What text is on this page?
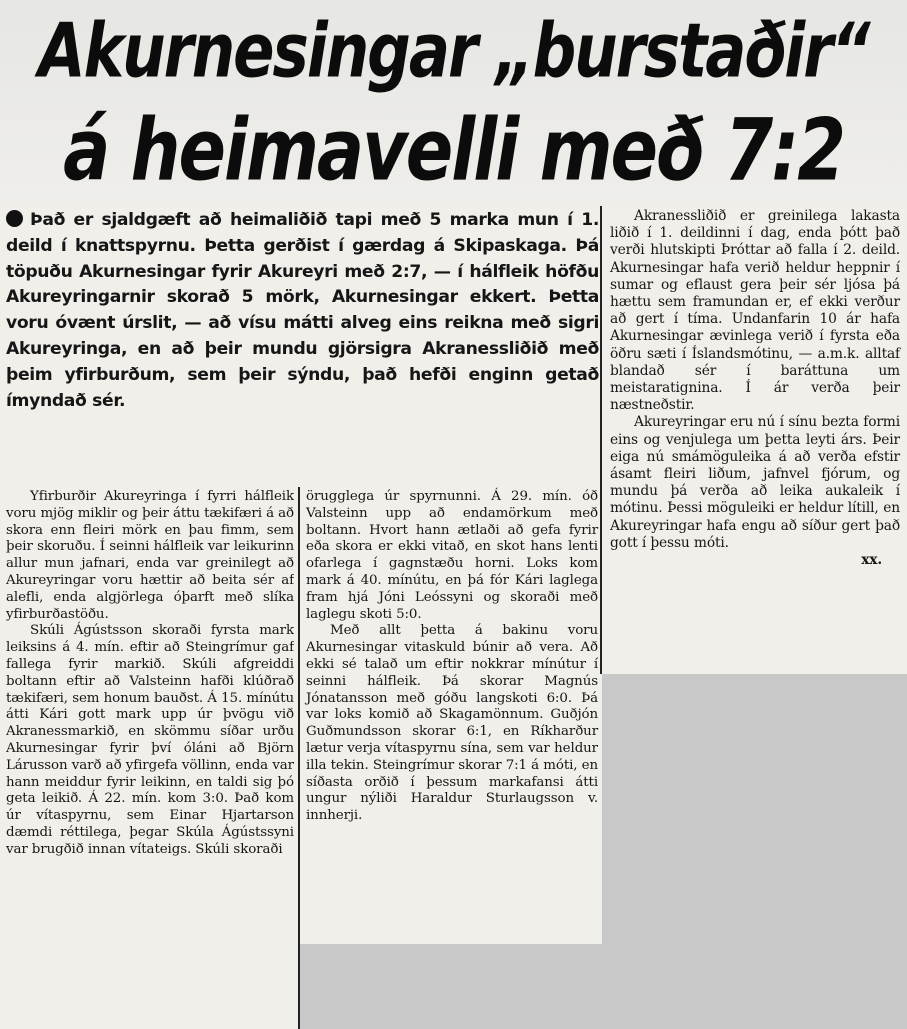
Akurnesingar „burstaðir“
á heimavelli með 7:2
Það er sjaldgæft að heimaliðið tapi með 5 marka mun í 1. deild í knattspyrnu. Þetta gerðist í gærdag á Skipaskaga. Þá töpuðu Akurnesingar fyrir Akureyri með 2:7, — í hálfleik höfðu Akureyringarnir skorað 5 mörk, Akurnesingar ekkert. Þetta voru óvænt úrslit, — að vísu mátti alveg eins reikna með sigri Akureyringa, en að þeir mundu gjörsigra Akranessliðið með þeim yfirburðum, sem þeir sýndu, það hefði enginn getað ímyndað sér.

Yfirburðir Akureyringa í fyrri hálfleik voru mjög miklir og þeir áttu tækifæri á að skora enn fleiri mörk en þau fimm, sem þeir skoruðu. Í seinni hálfleik var leikurinn allur mun jafnari, enda var greinilegt að Akureyringar voru hættir að beita sér af alefli, enda algjörlega óþarft með slíka yfirburðastöðu.

Skúli Ágústsson skoraði fyrsta mark leiksins á 4. mín. eftir að Steingrímur gaf fallega fyrir markið. Skúli afgreiddi boltann eftir að Valsteinn hafði klúðrað tækifæri, sem honum bauðst. Á 15. mínútu átti Kári gott mark upp úr þvögu við Akranessmarkið, en skömmu síðar urðu Akurnesingar fyrir því óláni að Björn Lárusson varð að yfirgefa völlinn, enda var hann meiddur fyrir leikinn, en taldi sig þó geta leikið. Á 22. mín. kom 3:0. Það kom úr vítaspyrnu, sem Einar Hjartarson dæmdi réttilega, þegar Skúla Ágústssyni var brugðið innan vítateigs. Skúli skoraði

örugglega úr spyrnunni. Á 29. mín. óð Valsteinn upp að endamörkum með boltann. Hvort hann ætlaði að gefa fyrir eða skora er ekki vitað, en skot hans lenti ofarlega í gagnstæðu horni. Loks kom mark á 40. mínútu, en þá fór Kári laglega fram hjá Jóni Leóssyni og skoraði með laglegu skoti 5:0.

Með allt þetta á bakinu voru Akurnesingar vitaskuld búnir að vera. Að ekki sé talað um eftir nokkrar mínútur í seinni hálfleik. Þá skorar Magnús Jónatansson með góðu langskoti 6:0. Þá var loks komið að Skagamönnum. Guðjón Guðmundsson skorar 6:1, en Ríkharður lætur verja vítaspyrnu sína, sem var heldur illa tekin. Steingrímur skorar 7:1 á móti, en síðasta orðið í þessum markafansi átti ungur nýliði Haraldur Sturlaugsson v. innherji.

Akranessliðið er greinilega lakasta liðið í 1. deildinni í dag, enda þótt það verði hlutskipti Þróttar að falla í 2. deild. Akurnesingar hafa verið heldur heppnir í sumar og eflaust gera þeir sér ljósa þá hættu sem framundan er, ef ekki verður að gert í tíma. Undanfarin 10 ár hafa Akurnesingar ævinlega verið í fyrsta eða öðru sæti í Íslandsmótinu, — a.m.k. alltaf blandað sér í baráttuna um meistaratignina. Í ár verða þeir næstneðstir.

Akureyringar eru nú í sínu bezta formi eins og venjulega um þetta leyti árs. Þeir eiga nú smámöguleika á að verða efstir ásamt fleiri liðum, jafnvel fjórum, og mundu þá verða að leika aukaleik í mótinu. Þessi möguleiki er heldur lítill, en Akureyringar hafa engu að síður gert það gott í þessu móti.

xx.
